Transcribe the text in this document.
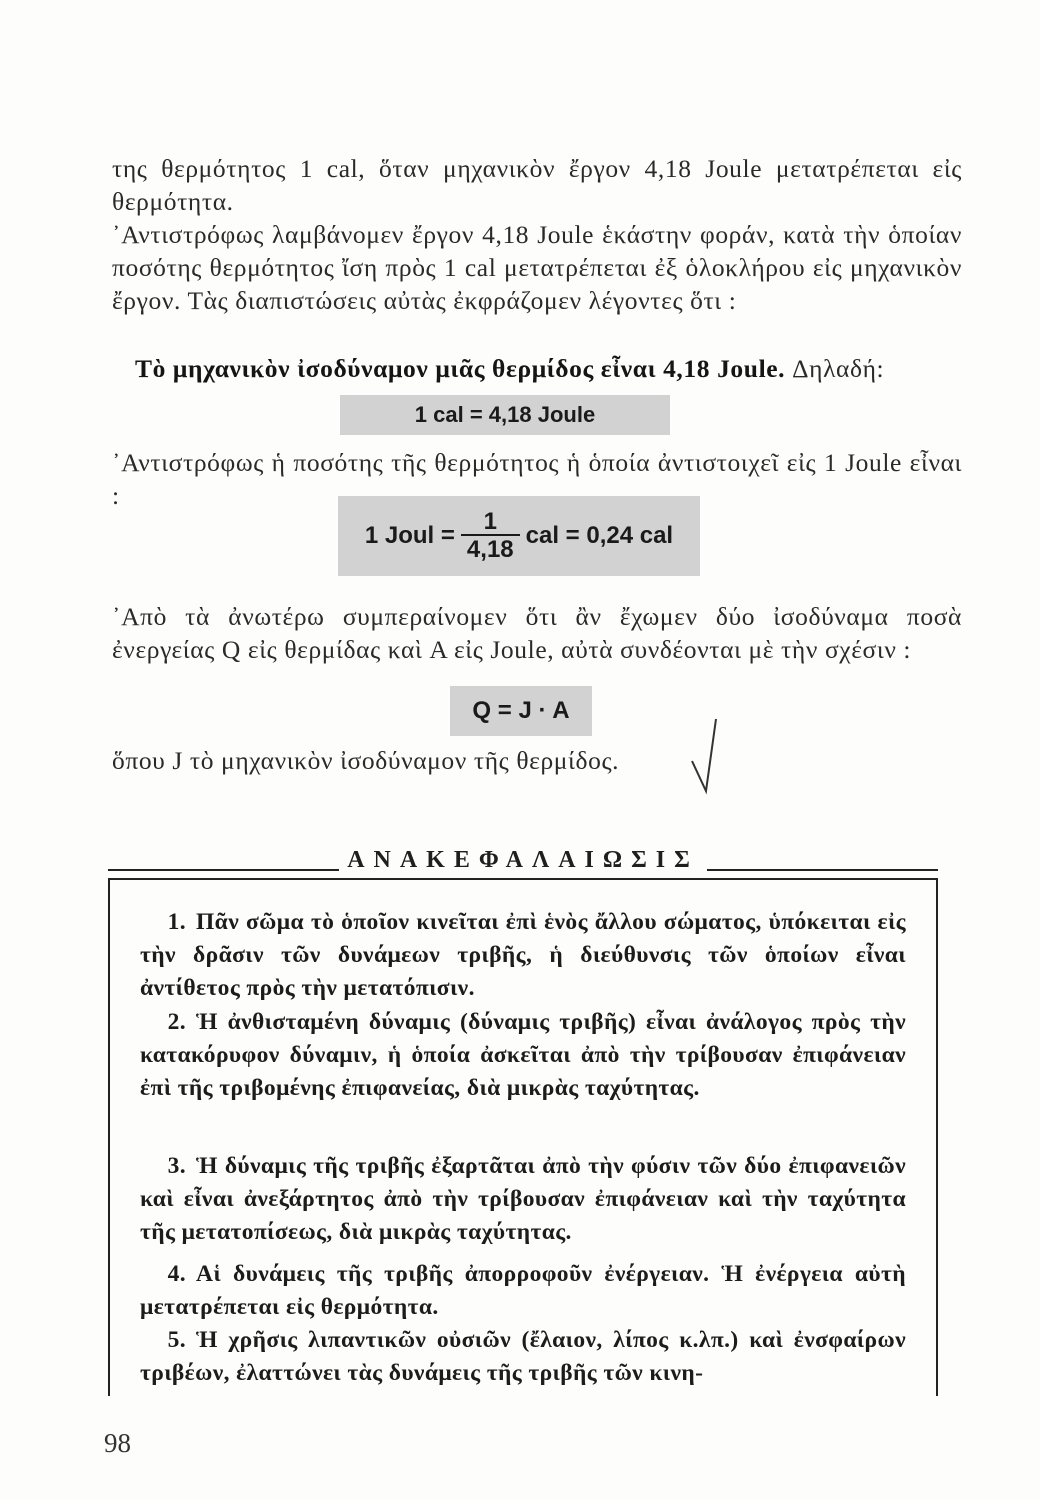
της θερμότητος 1 cal, ὅταν μηχανικὸν ἔργον 4,18 Joule μετατρέπεται εἰς θερμότητα.

᾿Αντιστρόφως λαμβάνομεν ἔργον 4,18 Joule ἑκάστην φοράν, κατὰ τὴν ὁποίαν ποσότης θερμότητος ἴση πρὸς 1 cal μετατρέπεται ἐξ ὁλοκλήρου εἰς μηχανικὸν ἔργον. Τὰς διαπιστώσεις αὐτὰς ἐκφράζομεν λέγοντες ὅτι :

Τὸ μηχανικὸν ἰσοδύναμον μιᾶς θερμίδος εἶναι 4,18 Joule. Δηλαδή:

1 cal = 4,18 Joule

᾿Αντιστρόφως ἡ ποσότης τῆς θερμότητος ἡ ὁποία ἀντιστοιχεῖ εἰς 1 Joule εἶναι :

1 Joul = $\frac{1}{4,18}$ cal = 0,24 cal

᾿Απὸ τὰ ἀνωτέρω συμπεραίνομεν ὅτι ἂν ἔχωμεν δύο ἰσοδύναμα ποσὰ ἐνεργείας Q εἰς θερμίδας καὶ A εἰς Joule, αὐτὰ συνδέονται μὲ τὴν σχέσιν :

Q = J · A

ὅπου J τὸ μηχανικὸν ἰσοδύναμον τῆς θερμίδος.

ΑΝΑΚΕΦΑΛΑΙΩΣΙΣ

1. Πᾶν σῶμα τὸ ὁποῖον κινεῖται ἐπὶ ἑνὸς ἄλλου σώματος, ὑπόκειται εἰς τὴν δρᾶσιν τῶν δυνάμεων τριβῆς, ἡ διεύθυνσις τῶν ὁποίων εἶναι ἀντίθετος πρὸς τὴν μετατόπισιν.

2. Ἡ ἀνθισταμένη δύναμις (δύναμις τριβῆς) εἶναι ἀνάλογος πρὸς τὴν κατακόρυφον δύναμιν, ἡ ὁποία ἀσκεῖται ἀπὸ τὴν τρίβουσαν ἐπιφάνειαν ἐπὶ τῆς τριβομένης ἐπιφανείας, διὰ μικρὰς ταχύτητας.

3. Ἡ δύναμις τῆς τριβῆς ἐξαρτᾶται ἀπὸ τὴν φύσιν τῶν δύο ἐπιφανειῶν καὶ εἶναι ἀνεξάρτητος ἀπὸ τὴν τρίβουσαν ἐπιφάνειαν καὶ τὴν ταχύτητα τῆς μετατοπίσεως, διὰ μικρὰς ταχύτητας.

4. Αἱ δυνάμεις τῆς τριβῆς ἀπορροφοῦν ἐνέργειαν. Ἡ ἐνέργεια αὐτὴ μετατρέπεται εἰς θερμότητα.

5. Ἡ χρῆσις λιπαντικῶν οὐσιῶν (ἔλαιον, λίπος κ.λπ.) καὶ ἐνσφαίρων τριβέων, ἐλαττώνει τὰς δυνάμεις τῆς τριβῆς τῶν κινη-

98
